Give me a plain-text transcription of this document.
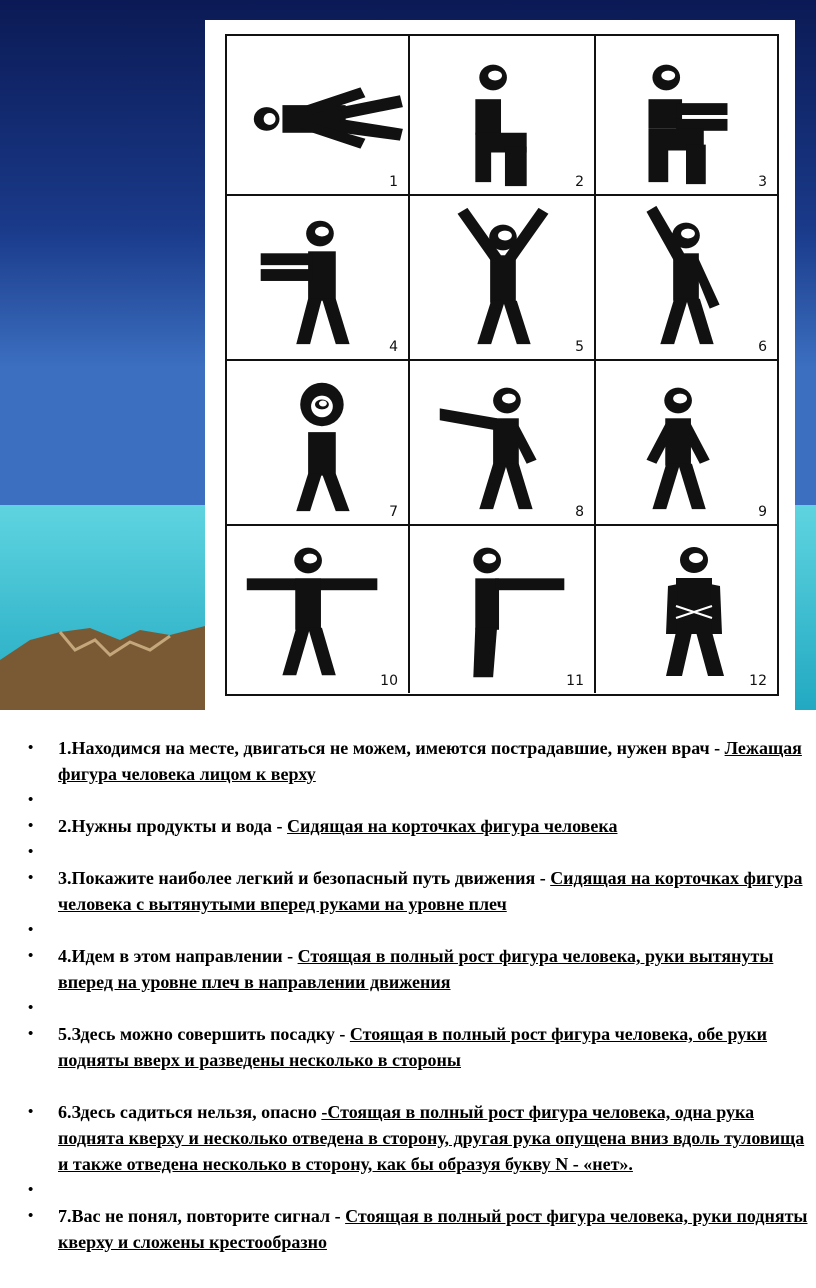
1	2	3
4	5	6
7	8	9
10	11	12
• 1.Находимся на месте, двигаться не можем, имеются пострадавшие, нужен врач - Лежащая фигура человека лицом к верху
•
• 2.Нужны продукты и вода - Сидящая на корточках фигура человека
•
• 3.Покажите наиболее легкий и безопасный путь движения - Сидящая на корточках фигура человека с вытянутыми вперед руками на уровне плеч
•
• 4.Идем в этом направлении - Стоящая в полный рост фигура человека, руки вытянуты вперед на уровне плеч в направлении движения
•
• 5.Здесь можно совершить посадку - Стоящая в полный рост фигура человека, обе руки подняты вверх и разведены несколько в стороны
• 6.Здесь садиться нельзя, опасно -Стоящая в полный рост фигура человека, одна рука поднята кверху и несколько отведена в сторону, другая рука опущена вниз вдоль туловища и также отведена несколько в сторону, как бы образуя букву N - «нет».
•
• 7.Вас не понял, повторите сигнал - Стоящая в полный рост фигура человека, руки подняты кверху и сложены крестообразно
